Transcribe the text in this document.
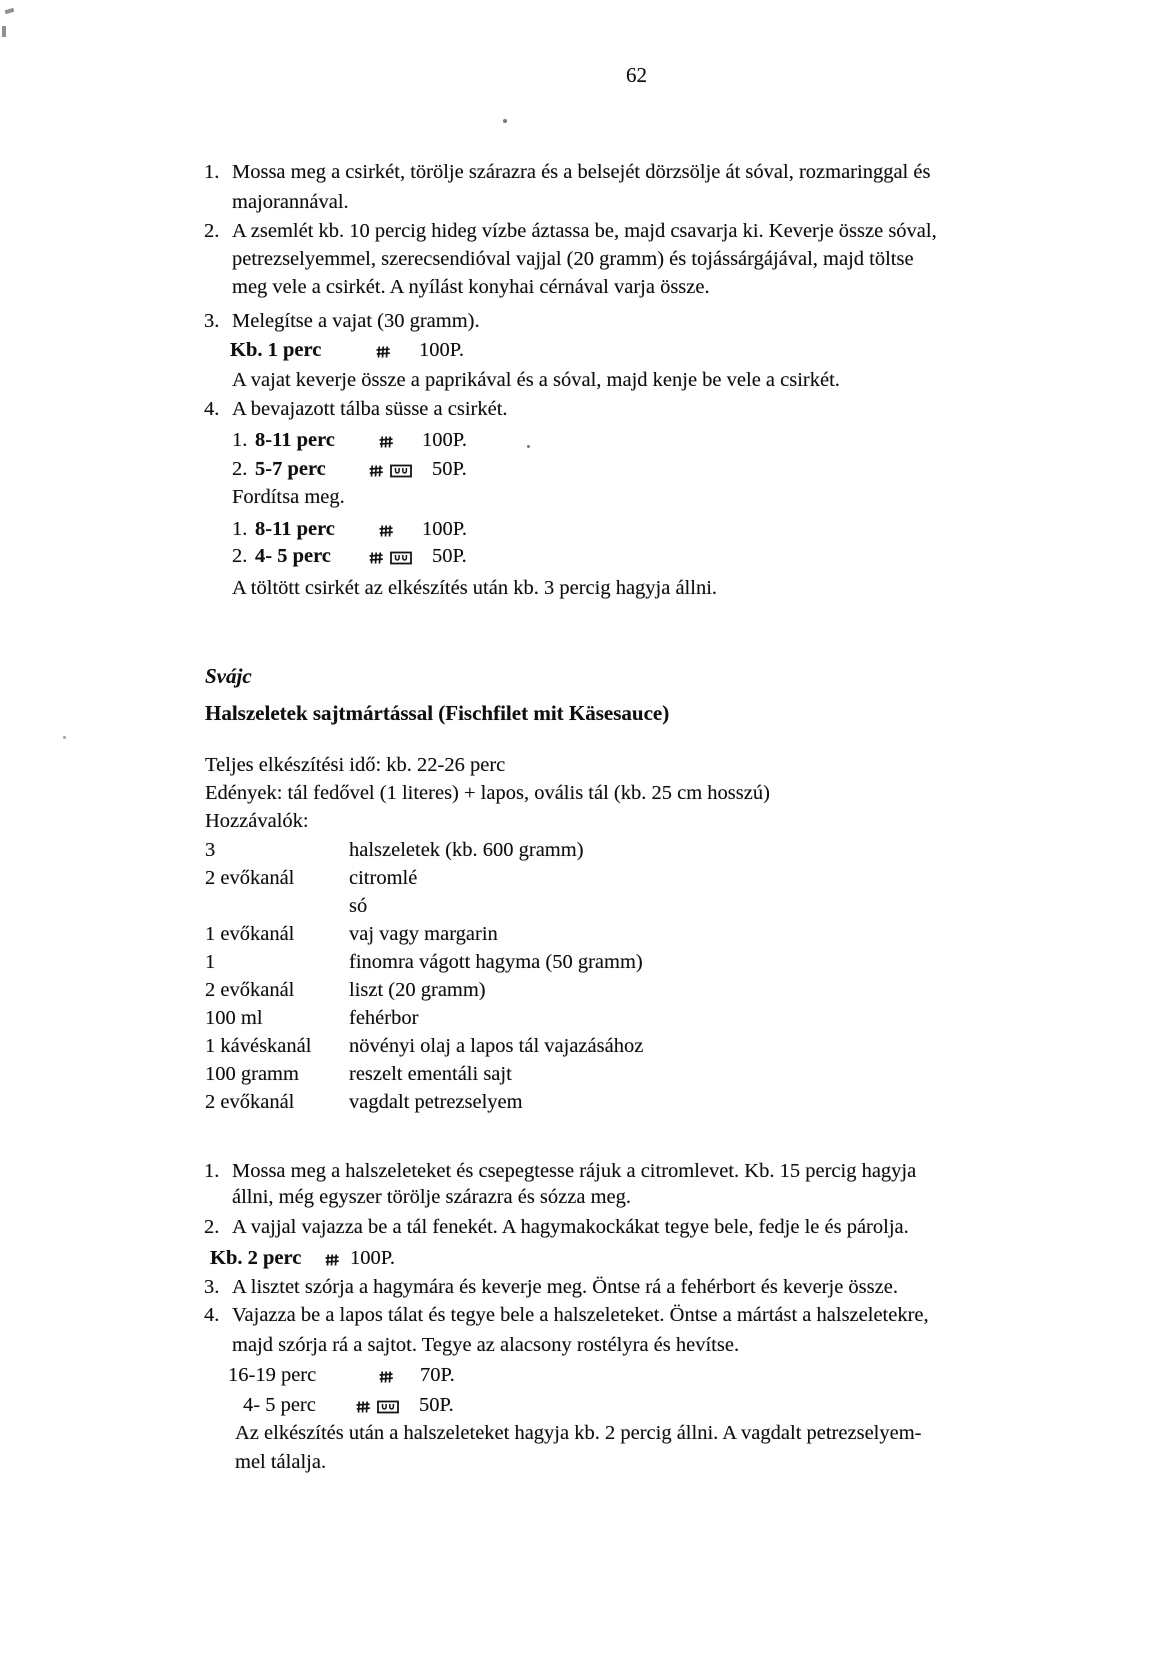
62
1. Mossa meg a csirkét, törölje szárazra és a belsejét dörzsölje át sóval, rozmaringgal és
majorannával.
2. A zsemlét kb. 10 percig hideg vízbe áztassa be, majd csavarja ki. Keverje össze sóval,
petrezselyemmel, szerecsendióval vajjal (20 gramm) és tojássárgájával, majd töltse
meg vele a csirkét. A nyílást konyhai cérnával varja össze.
3. Melegítse a vajat (30 gramm).
Kb. 1 perc	100P.
A vajat keverje össze a paprikával és a sóval, majd kenje be vele a csirkét.
4. A bevajazott tálba süsse a csirkét.
1. 8-11 perc	100P.
2. 5-7 perc	50P.
Fordítsa meg.
1. 8-11 perc	100P.
2. 4- 5 perc	50P.
A töltött csirkét az elkészítés után kb. 3 percig hagyja állni.
Svájc
Halszeletek sajtmártással (Fischfilet mit Käsesauce)
Teljes elkészítési idő: kb. 22-26 perc
Edények: tál fedővel (1 literes) + lapos, ovális tál (kb. 25 cm hosszú)
Hozzávalók:
3	halszeletek (kb. 600 gramm)
2 evőkanál	citromlé
só
1 evőkanál	vaj vagy margarin
1	finomra vágott hagyma (50 gramm)
2 evőkanál	liszt (20 gramm)
100 ml	fehérbor
1 kávéskanál növényi olaj a lapos tál vajazásához
100 gramm reszelt ementáli sajt
2 evőkanál	vagdalt petrezselyem
1. Mossa meg a halszeleteket és csepegtesse rájuk a citromlevet. Kb. 15 percig hagyja
állni, még egyszer törölje szárazra és sózza meg.
2. A vajjal vajazza be a tál fenekét. A hagymakockákat tegye bele, fedje le és párolja.
Kb. 2 perc 100P.
3. A lisztet szórja a hagymára és keverje meg. Öntse rá a fehérbort és keverje össze.
4. Vajazza be a lapos tálat és tegye bele a halszeleteket. Öntse a mártást a halszeletekre,
majd szórja rá a sajtot. Tegye az alacsony rostélyra és hevítse.
16-19 perc	70P.
4- 5 perc	50P.
Az elkészítés után a halszeleteket hagyja kb. 2 percig állni. A vagdalt petrezselyem-
mel tálalja.
